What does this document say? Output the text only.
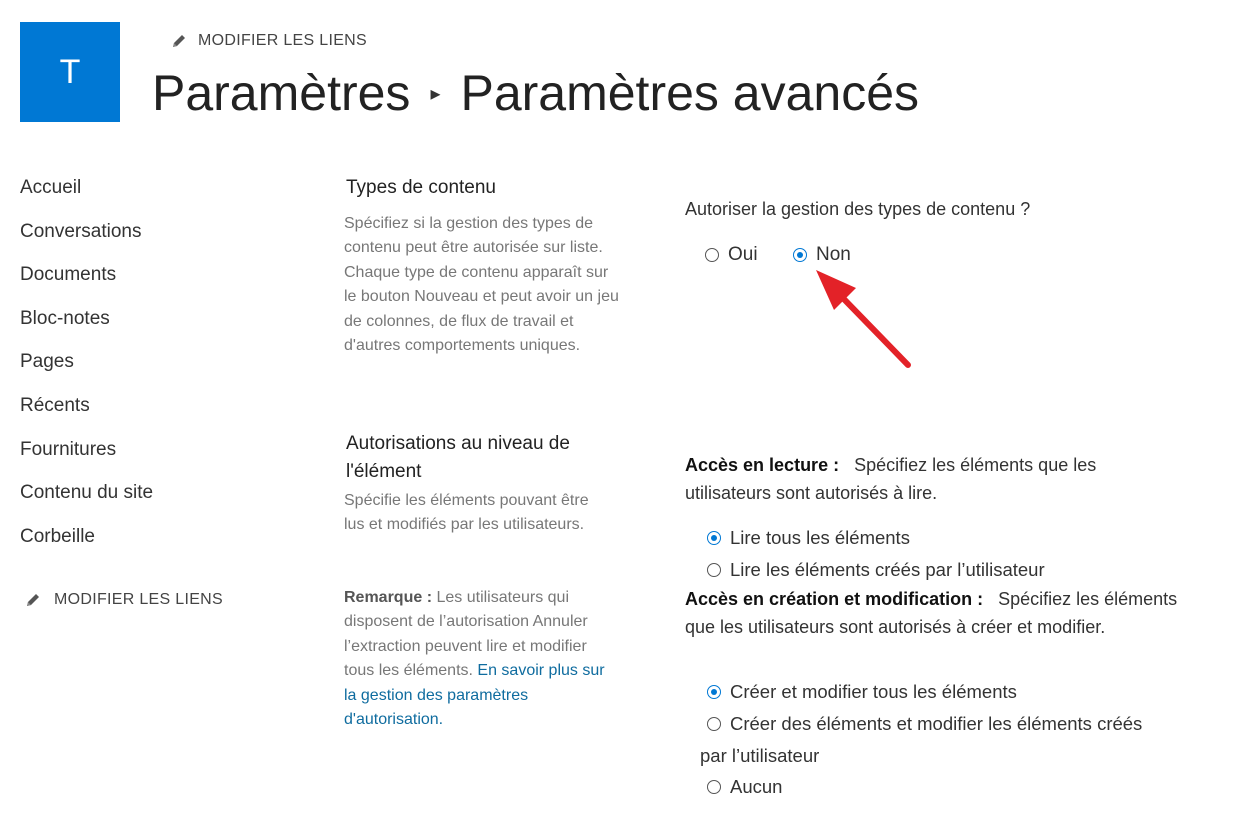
T
MODIFIER LES LIENS
Paramètres ▸ Paramètres avancés
Accueil
Conversations
Documents
Bloc-notes
Pages
Récents
Fournitures
Contenu du site
Corbeille
MODIFIER LES LIENS
Types de contenu
Spécifiez si la gestion des types de contenu peut être autorisée sur liste. Chaque type de contenu apparaît sur le bouton Nouveau et peut avoir un jeu de colonnes, de flux de travail et d'autres comportements uniques.
Autorisations au niveau de l'élément
Spécifie les éléments pouvant être lus et modifiés par les utilisateurs.
Remarque : Les utilisateurs qui disposent de l’autorisation Annuler l’extraction peuvent lire et modifier tous les éléments. En savoir plus sur la gestion des paramètres d'autorisation.
Autoriser la gestion des types de contenu ?
Oui	Non
Accès en lecture : Spécifiez les éléments que les utilisateurs sont autorisés à lire.
Lire tous les éléments
Lire les éléments créés par l’utilisateur
Accès en création et modification : Spécifiez les éléments que les utilisateurs sont autorisés à créer et modifier.
Créer et modifier tous les éléments
Créer des éléments et modifier les éléments créés
par l’utilisateur
Aucun
